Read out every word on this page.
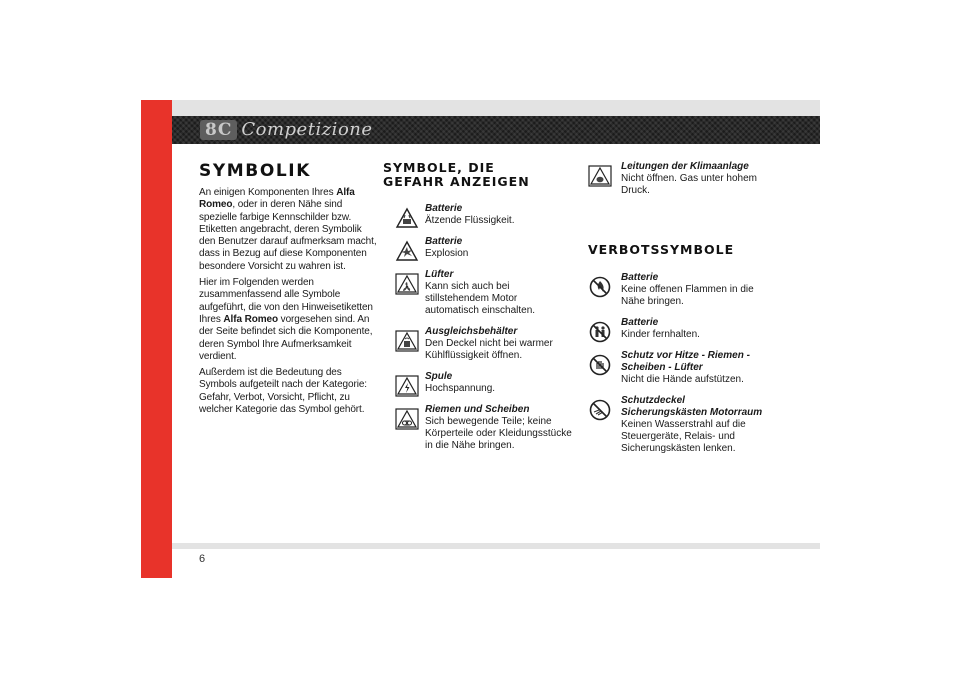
8C Competizione
SYMBOLIK

An einigen Komponenten Ihres Alfa Romeo, oder in deren Nähe sind spezielle farbige Kennschilder bzw. Etiketten angebracht, deren Symbolik den Benutzer darauf aufmerksam macht, dass in Bezug auf diese Komponenten besondere Vorsicht zu wahren ist.

Hier im Folgenden werden zusammenfassend alle Symbole aufgeführt, die von den Hinweisetiketten Ihres Alfa Romeo vorgesehen sind. An der Seite befindet sich die Komponente, deren Symbol Ihre Aufmerksamkeit verdient.

Außerdem ist die Bedeutung des Symbols aufgeteilt nach der Kategorie: Gefahr, Verbot, Vorsicht, Pflicht, zu welcher Kategorie das Symbol gehört.

SYMBOLE, DIE GEFAHR ANZEIGEN
Batterie
Ätzende Flüssigkeit.
Batterie
Explosion
Lüfter
Kann sich auch bei stillstehendem Motor automatisch einschalten.
Ausgleichsbehälter
Den Deckel nicht bei warmer Kühlflüssigkeit öffnen.
Spule
Hochspannung.
Riemen und Scheiben
Sich bewegende Teile; keine Körperteile oder Kleidungsstücke in die Nähe bringen.
Leitungen der Klimaanlage
Nicht öffnen. Gas unter hohem Druck.
VERBOTSSYMBOLE
Batterie
Keine offenen Flammen in die Nähe bringen.
Batterie
Kinder fernhalten.
Schutz vor Hitze - Riemen - Scheiben - Lüfter
Nicht die Hände aufstützen.
Schutzdeckel Sicherungskästen Motorraum
Keinen Wasserstrahl auf die Steuergeräte, Relais- und Sicherungskästen lenken.
6
